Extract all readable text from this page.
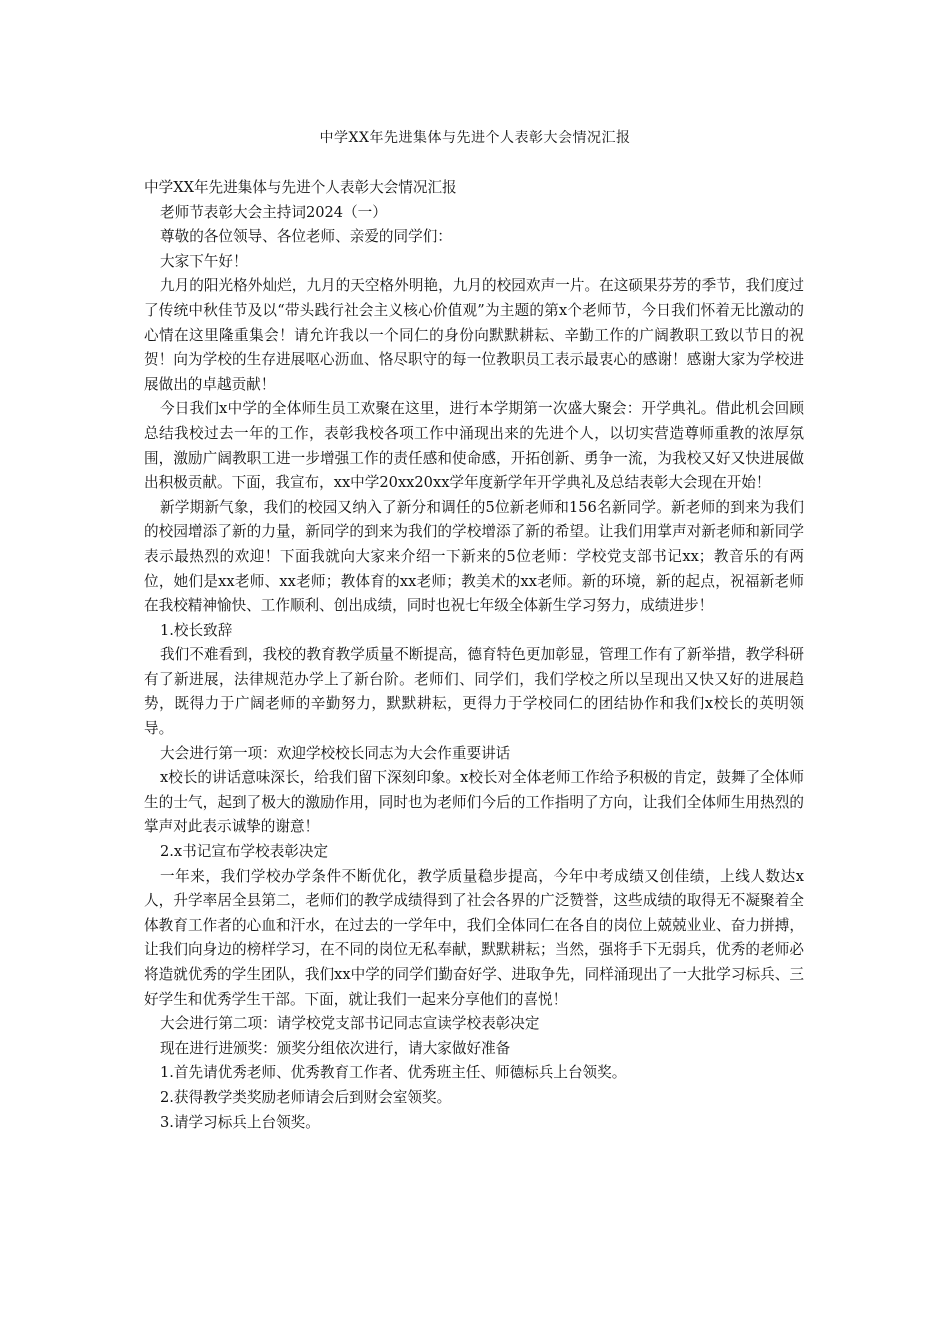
中学XX年先进集体与先进个人表彰大会情况汇报

中学XX年先进集体与先进个人表彰大会情况汇报

老师节表彰大会主持词2024（一）

尊敬的各位领导、各位老师、亲爱的同学们：

大家下午好！

九月的阳光格外灿烂，九月的天空格外明艳，九月的校园欢声一片。在这硕果芬芳的季节，我们度过了传统中秋佳节及以“带头践行社会主义核心价值观”为主题的第x个老师节，今日我们怀着无比激动的心情在这里隆重集会！请允许我以一个同仁的身份向默默耕耘、辛勤工作的广阔教职工致以节日的祝贺！向为学校的生存进展呕心沥血、恪尽职守的每一位教职员工表示最衷心的感谢！感谢大家为学校进展做出的卓越贡献！

今日我们x中学的全体师生员工欢聚在这里，进行本学期第一次盛大聚会：开学典礼。借此机会回顾总结我校过去一年的工作，表彰我校各项工作中涌现出来的先进个人，以切实营造尊师重教的浓厚氛围，激励广阔教职工进一步增强工作的责任感和使命感，开拓创新、勇争一流，为我校又好又快进展做出积极贡献。下面，我宣布，xx中学20xx20xx学年度新学年开学典礼及总结表彰大会现在开始！

新学期新气象，我们的校园又纳入了新分和调任的5位新老师和156名新同学。新老师的到来为我们的校园增添了新的力量，新同学的到来为我们的学校增添了新的希望。让我们用掌声对新老师和新同学表示最热烈的欢迎！下面我就向大家来介绍一下新来的5位老师：学校党支部书记xx；教音乐的有两位，她们是xx老师、xx老师；教体育的xx老师；教美术的xx老师。新的环境，新的起点，祝福新老师在我校精神愉快、工作顺利、创出成绩，同时也祝七年级全体新生学习努力，成绩进步！

1.校长致辞

我们不难看到，我校的教育教学质量不断提高，德育特色更加彰显，管理工作有了新举措，教学科研有了新进展，法律规范办学上了新台阶。老师们、同学们，我们学校之所以呈现出又快又好的进展趋势，既得力于广阔老师的辛勤努力，默默耕耘，更得力于学校同仁的团结协作和我们x校长的英明领导。

大会进行第一项：欢迎学校校长同志为大会作重要讲话

x校长的讲话意味深长，给我们留下深刻印象。x校长对全体老师工作给予积极的肯定，鼓舞了全体师生的士气，起到了极大的激励作用，同时也为老师们今后的工作指明了方向，让我们全体师生用热烈的掌声对此表示诚挚的谢意！

2.x书记宣布学校表彰决定

一年来，我们学校办学条件不断优化，教学质量稳步提高，今年中考成绩又创佳绩，上线人数达x人，升学率居全县第二，老师们的教学成绩得到了社会各界的广泛赞誉，这些成绩的取得无不凝聚着全体教育工作者的心血和汗水，在过去的一学年中，我们全体同仁在各自的岗位上兢兢业业、奋力拼搏，让我们向身边的榜样学习，在不同的岗位无私奉献，默默耕耘；当然，强将手下无弱兵，优秀的老师必将造就优秀的学生团队，我们xx中学的同学们勤奋好学、进取争先，同样涌现出了一大批学习标兵、三好学生和优秀学生干部。下面，就让我们一起来分享他们的喜悦！

大会进行第二项：请学校党支部书记同志宣读学校表彰决定

现在进行进颁奖：颁奖分组依次进行，请大家做好准备

1.首先请优秀老师、优秀教育工作者、优秀班主任、师德标兵上台领奖。

2.获得教学类奖励老师请会后到财会室领奖。

3.请学习标兵上台领奖。
